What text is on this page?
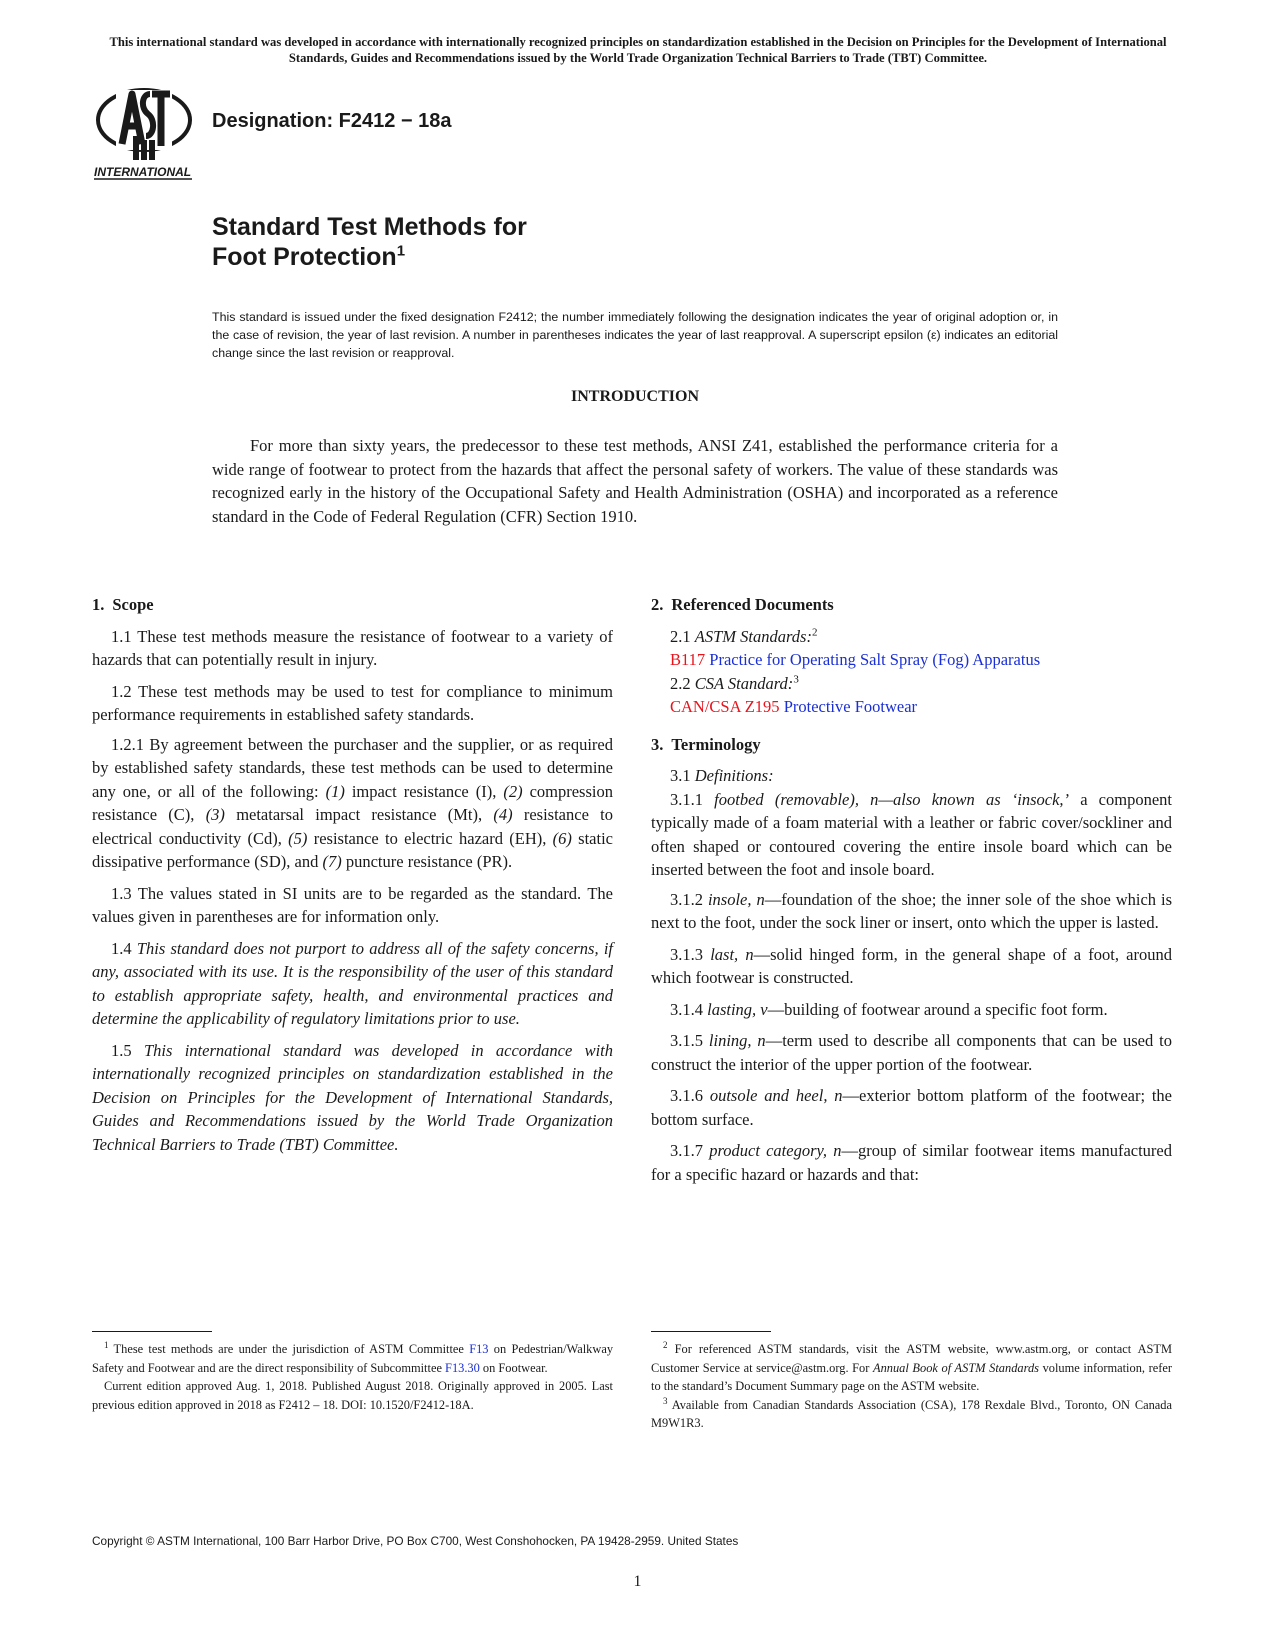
This international standard was developed in accordance with internationally recognized principles on standardization established in the Decision on Principles for the Development of International Standards, Guides and Recommendations issued by the World Trade Organization Technical Barriers to Trade (TBT) Committee.
INTERNATIONAL
Designation: F2412 − 18a
Standard Test Methods for
Foot Protection$^1$
This standard is issued under the fixed designation F2412; the number immediately following the designation indicates the year of original adoption or, in the case of revision, the year of last revision. A number in parentheses indicates the year of last reapproval. A superscript epsilon (ε) indicates an editorial change since the last revision or reapproval.
INTRODUCTION
For more than sixty years, the predecessor to these test methods, ANSI Z41, established the performance criteria for a wide range of footwear to protect from the hazards that affect the personal safety of workers. The value of these standards was recognized early in the history of the Occupational Safety and Health Administration (OSHA) and incorporated as a reference standard in the Code of Federal Regulation (CFR) Section 1910.
1. Scope

1.1 These test methods measure the resistance of footwear to a variety of hazards that can potentially result in injury.

1.2 These test methods may be used to test for compliance to minimum performance requirements in established safety standards.

1.2.1 By agreement between the purchaser and the supplier, or as required by established safety standards, these test methods can be used to determine any one, or all of the following: (1) impact resistance (I), (2) compression resistance (C), (3) metatarsal impact resistance (Mt), (4) resistance to electrical conductivity (Cd), (5) resistance to electric hazard (EH), (6) static dissipative performance (SD), and (7) puncture resistance (PR).

1.3 The values stated in SI units are to be regarded as the standard. The values given in parentheses are for information only.

1.4 This standard does not purport to address all of the safety concerns, if any, associated with its use. It is the responsibility of the user of this standard to establish appropriate safety, health, and environmental practices and determine the applicability of regulatory limitations prior to use.

1.5 This international standard was developed in accordance with internationally recognized principles on standardization established in the Decision on Principles for the Development of International Standards, Guides and Recommendations issued by the World Trade Organization Technical Barriers to Trade (TBT) Committee.

2. Referenced Documents

2.1 ASTM Standards:$^2$

B117 Practice for Operating Salt Spray (Fog) Apparatus

2.2 CSA Standard:$^3$

CAN/CSA Z195 Protective Footwear

3. Terminology

3.1 Definitions:

3.1.1 footbed (removable), n—also known as ‘insock,’ a component typically made of a foam material with a leather or fabric cover/sockliner and often shaped or contoured covering the entire insole board which can be inserted between the foot and insole board.

3.1.2 insole, n—foundation of the shoe; the inner sole of the shoe which is next to the foot, under the sock liner or insert, onto which the upper is lasted.

3.1.3 last, n—solid hinged form, in the general shape of a foot, around which footwear is constructed.

3.1.4 lasting, v—building of footwear around a specific foot form.

3.1.5 lining, n—term used to describe all components that can be used to construct the interior of the upper portion of the footwear.

3.1.6 outsole and heel, n—exterior bottom platform of the footwear; the bottom surface.

3.1.7 product category, n—group of similar footwear items manufactured for a specific hazard or hazards and that:

$^1$ These test methods are under the jurisdiction of ASTM Committee F13 on Pedestrian/Walkway Safety and Footwear and are the direct responsibility of Subcommittee F13.30 on Footwear.

Current edition approved Aug. 1, 2018. Published August 2018. Originally approved in 2005. Last previous edition approved in 2018 as F2412 – 18. DOI: 10.1520/F2412-18A.

$^2$ For referenced ASTM standards, visit the ASTM website, www.astm.org, or contact ASTM Customer Service at service@astm.org. For Annual Book of ASTM Standards volume information, refer to the standard’s Document Summary page on the ASTM website.

$^3$ Available from Canadian Standards Association (CSA), 178 Rexdale Blvd., Toronto, ON Canada M9W1R3.

Copyright © ASTM International, 100 Barr Harbor Drive, PO Box C700, West Conshohocken, PA 19428-2959. United States
1
